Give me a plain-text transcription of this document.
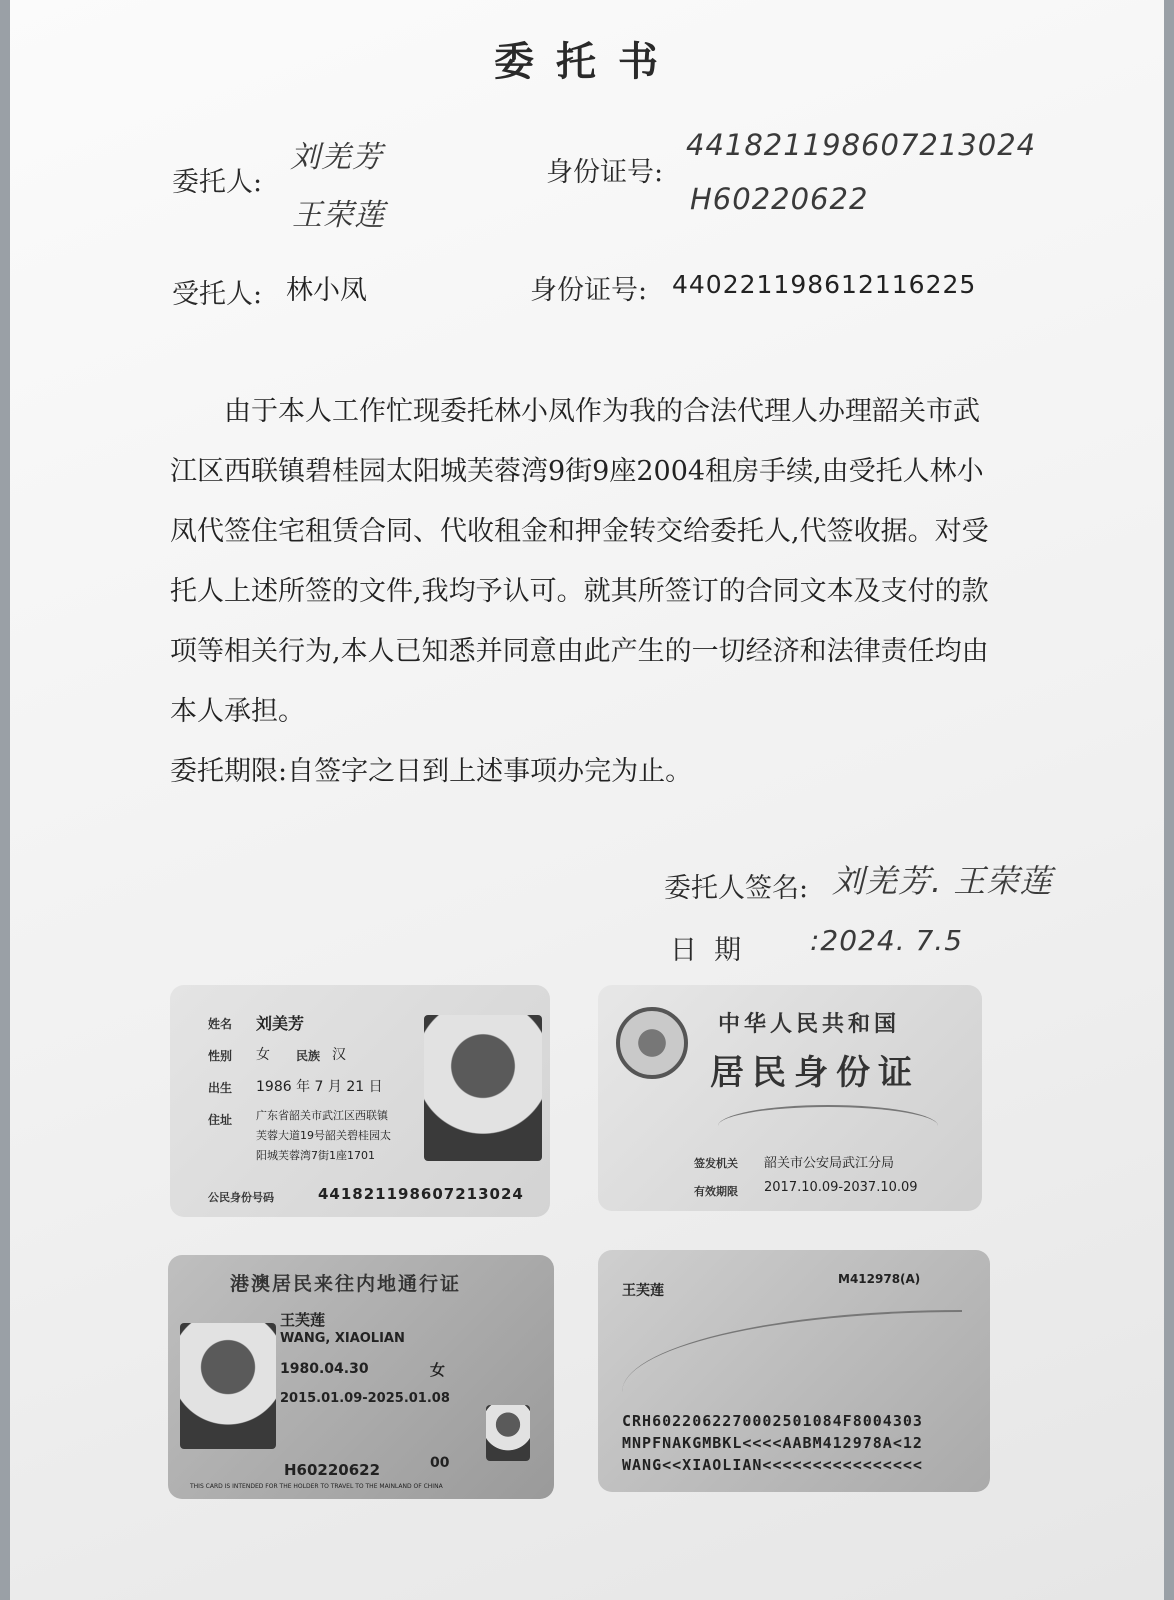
委托书
委托人:
刘羌芳
王荣莲
身份证号:
441821198607213024
H60220622
受托人: 林小凤	身份证号: 440221198612116225

由于本人工作忙现委托林小凤作为我的合法代理人办理韶关市武江区西联镇碧桂园太阳城芙蓉湾9街9座2004租房手续,由受托人林小凤代签住宅租赁合同、代收租金和押金转交给委托人,代签收据。对受托人上述所签的文件,我均予认可。就其所签订的合同文本及支付的款项等相关行为,本人已知悉并同意由此产生的一切经济和法律责任均由本人承担。

委托期限:自签字之日到上述事项办完为止。

委托人签名: 刘羌芳. 王荣莲
日  期 :2024. 7.5
姓名 刘美芳
性别 女 民族 汉
出生 1986 年 7 月 21 日
住址 广东省韶关市武江区西联镇
芙蓉大道19号韶关碧桂园太
阳城芙蓉湾7街1座1701
公民身份号码	441821198607213024
中华人民共和国
居民身份证
签发机关 韶关市公安局武江分局
有效期限 2017.10.09-2037.10.09
港澳居民来往内地通行证
王芙莲
WANG, XIAOLIAN
1980.04.30	女
2015.01.09-2025.01.08
H60220622	00
THIS CARD IS INTENDED FOR THE HOLDER TO TRAVEL TO THE MAINLAND OF CHINA
王芙莲
M412978(A)
CRH6022062270002501084F8004303
MNPFNAKGMBKL<<<<AABM412978A<12
WANG<<XIAOLIAN<<<<<<<<<<<<<<<<
